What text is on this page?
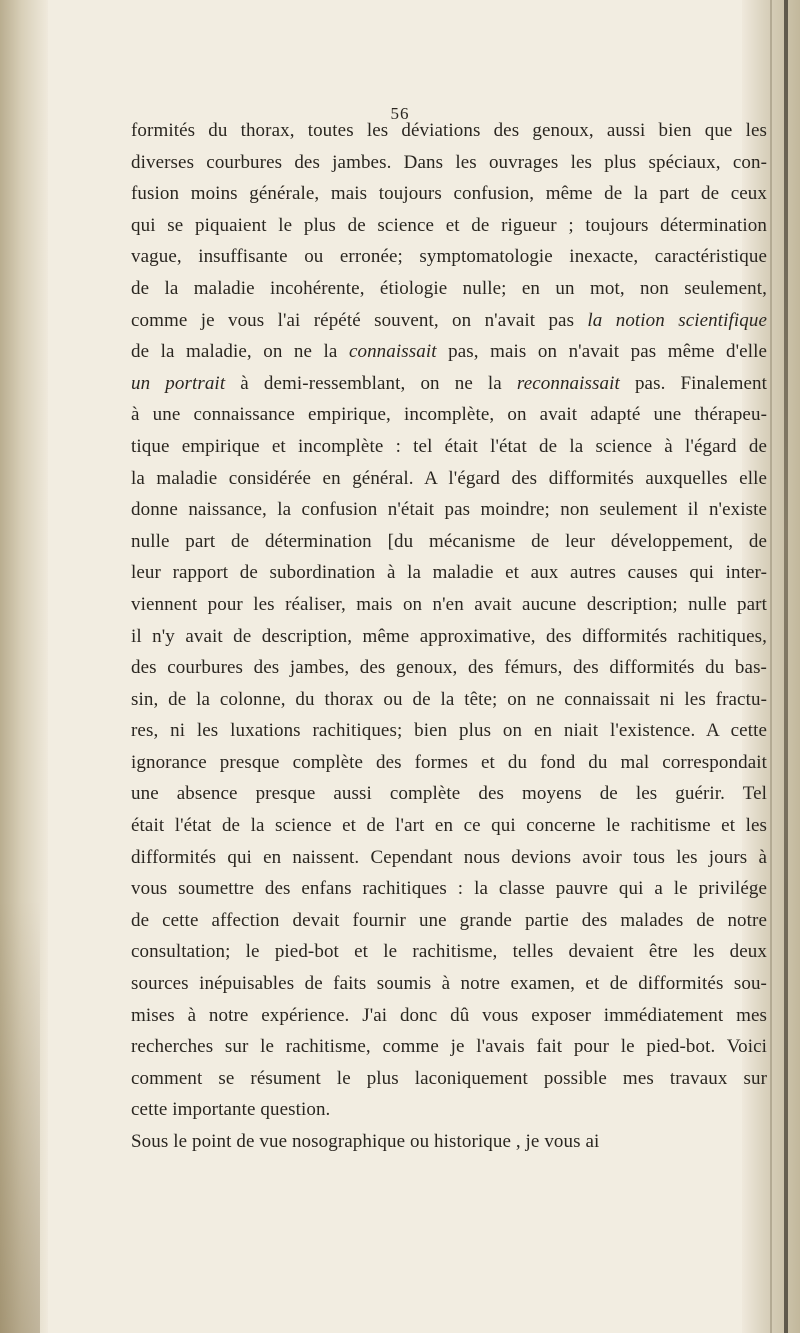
56
formités du thorax, toutes les déviations des genoux, aussi bien que les
diverses courbures des jambes. Dans les ouvrages les plus spéciaux, con-
fusion moins générale, mais toujours confusion, même de la part de ceux
qui se piquaient le plus de science et de rigueur ; toujours détermination
vague, insuffisante ou erronée; symptomatologie inexacte, caractéristique
de la maladie incohérente, étiologie nulle; en un mot, non seulement,
comme je vous l'ai répété souvent, on n'avait pas la notion scientifique
de la maladie, on ne la connaissait pas, mais on n'avait pas même d'elle
un portrait à demi-ressemblant, on ne la reconnaissait pas. Finalement
à une connaissance empirique, incomplète, on avait adapté une thérapeu-
tique empirique et incomplète : tel était l'état de la science à l'égard de
la maladie considérée en général. A l'égard des difformités auxquelles elle
donne naissance, la confusion n'était pas moindre; non seulement il n'existe
nulle part de détermination [du mécanisme de leur développement, de
leur rapport de subordination à la maladie et aux autres causes qui inter-
viennent pour les réaliser, mais on n'en avait aucune description; nulle part
il n'y avait de description, même approximative, des difformités rachitiques,
des courbures des jambes, des genoux, des fémurs, des difformités du bas-
sin, de la colonne, du thorax ou de la tête; on ne connaissait ni les fractu-
res, ni les luxations rachitiques; bien plus on en niait l'existence. A cette
ignorance presque complète des formes et du fond du mal correspondait
une absence presque aussi complète des moyens de les guérir. Tel
était l'état de la science et de l'art en ce qui concerne le rachitisme et les
difformités qui en naissent. Cependant nous devions avoir tous les jours à
vous soumettre des enfans rachitiques : la classe pauvre qui a le privilége
de cette affection devait fournir une grande partie des malades de notre
consultation; le pied-bot et le rachitisme, telles devaient être les deux
sources inépuisables de faits soumis à notre examen, et de difformités sou-
mises à notre expérience. J'ai donc dû vous exposer immédiatement mes
recherches sur le rachitisme, comme je l'avais fait pour le pied-bot. Voici
comment se résument le plus laconiquement possible mes travaux sur
cette importante question.
Sous le point de vue nosographique ou historique , je vous ai
